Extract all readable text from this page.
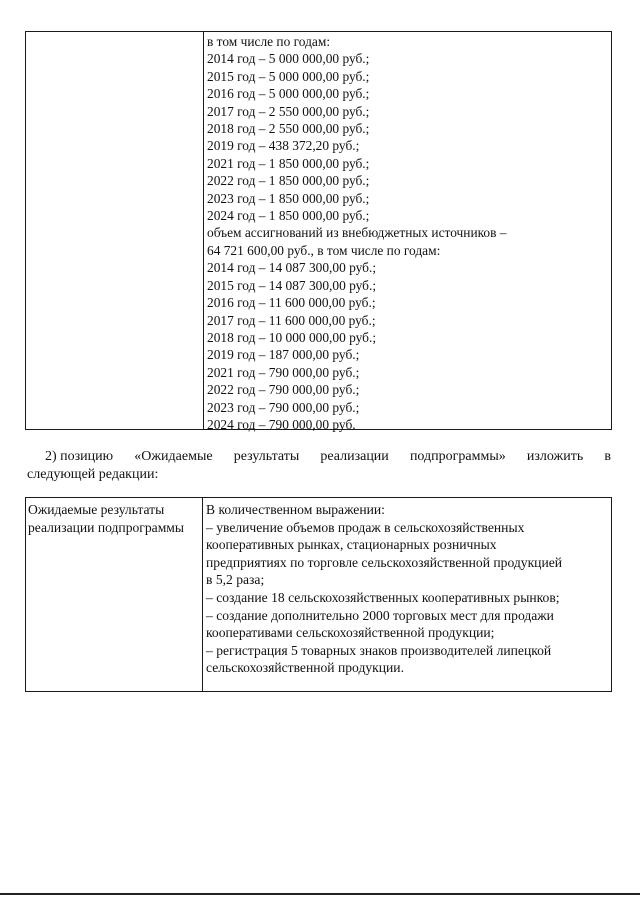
в том числе по годам:
2014 год – 5 000 000,00 руб.;
2015 год – 5 000 000,00 руб.;
2016 год – 5 000 000,00 руб.;
2017 год – 2 550 000,00 руб.;
2018 год – 2 550 000,00 руб.;
2019 год – 438 372,20 руб.;
2021 год – 1 850 000,00 руб.;
2022 год – 1 850 000,00 руб.;
2023 год – 1 850 000,00 руб.;
2024 год – 1 850 000,00 руб.;
объем ассигнований из внебюджетных источников –
64 721 600,00 руб., в том числе по годам:
2014 год – 14 087 300,00 руб.;
2015 год – 14 087 300,00 руб.;
2016 год – 11 600 000,00 руб.;
2017 год – 11 600 000,00 руб.;
2018 год – 10 000 000,00 руб.;
2019 год – 187 000,00 руб.;
2021 год – 790 000,00 руб.;
2022 год – 790 000,00 руб.;
2023 год – 790 000,00 руб.;
2024 год – 790 000,00 руб.
2) позицию «Ожидаемые результаты реализации подпрограммы» изложить в
следующей редакции:
Ожидаемые результаты
реализации подпрограммы
В количественном выражении:
– увеличение объемов продаж в сельскохозяйственных
кооперативных рынках, стационарных розничных
предприятиях по торговле сельскохозяйственной продукцией
в 5,2 раза;
– создание 18 сельскохозяйственных кооперативных рынков;
– создание дополнительно 2000 торговых мест для продажи
кооперативами сельскохозяйственной продукции;
– регистрация 5 товарных знаков производителей липецкой
сельскохозяйственной продукции.
